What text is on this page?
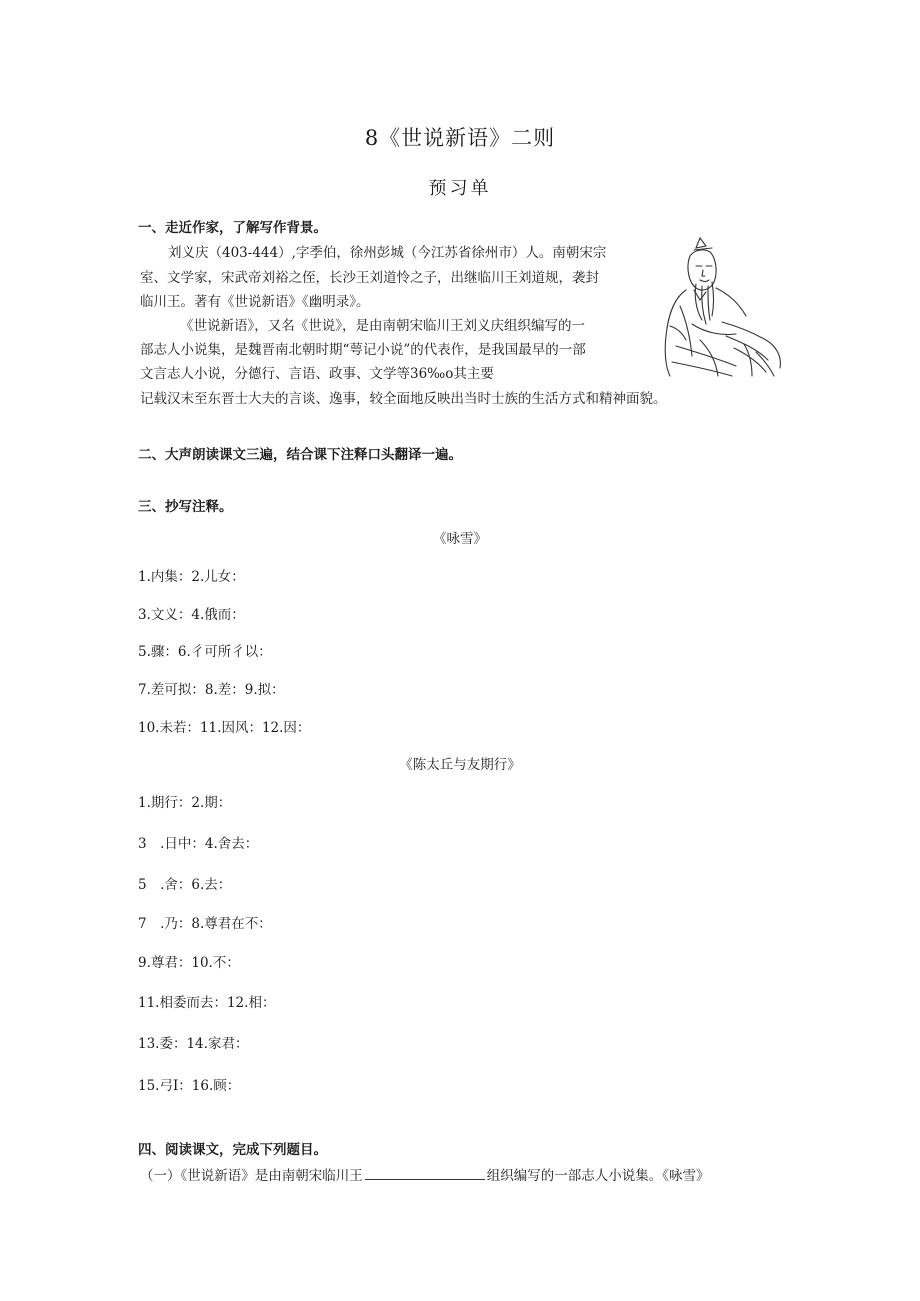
8《世说新语》二则
预习单
一、走近作家，了解写作背景。
刘义庆（403-444）,字季伯，徐州彭城（今江苏省徐州市）人。南朝宋宗
室、文学家，宋武帝刘裕之侄，长沙王刘道怜之子，出继临川王刘道规，袭封
临川王。著有《世说新语》《幽明录》。
《世说新语》，又名《世说》，是由南朝宋临川王刘义庆组织编写的一
部志人小说集，是魏晋南北朝时期“萼记小说”的代表作，是我国最早的一部
文言志人小说，分德行、言语、政事、文学等36‰o其主要
记载汉末至东晋士大夫的言谈、逸事，较全面地反映出当时士族的生活方式和精神面貌。
二、大声朗读课文三遍，结合课下注释口头翻译一遍。
三、抄写注释。
《咏雪》
1.内集：2.儿女：
3.文义：4.俄而：
5.骤：6.彳可所彳以：
7.差可拟：8.差：9.拟：
10.未若：11.因风：12.因：
《陈太丘与友期行》
1.期行：2.期：
3 .日中：4.舍去：
5 .舍：6.去：
7 .乃：8.尊君在不：
9.尊君：10.不：
11.相委而去：12.相：
13.委：14.家君：
15.弓I：16.顾：
四、阅读课文，完成下列题目。
（一）《世说新语》是由南朝宋临川王	组织编写的一部志人小说集。《咏雪》
